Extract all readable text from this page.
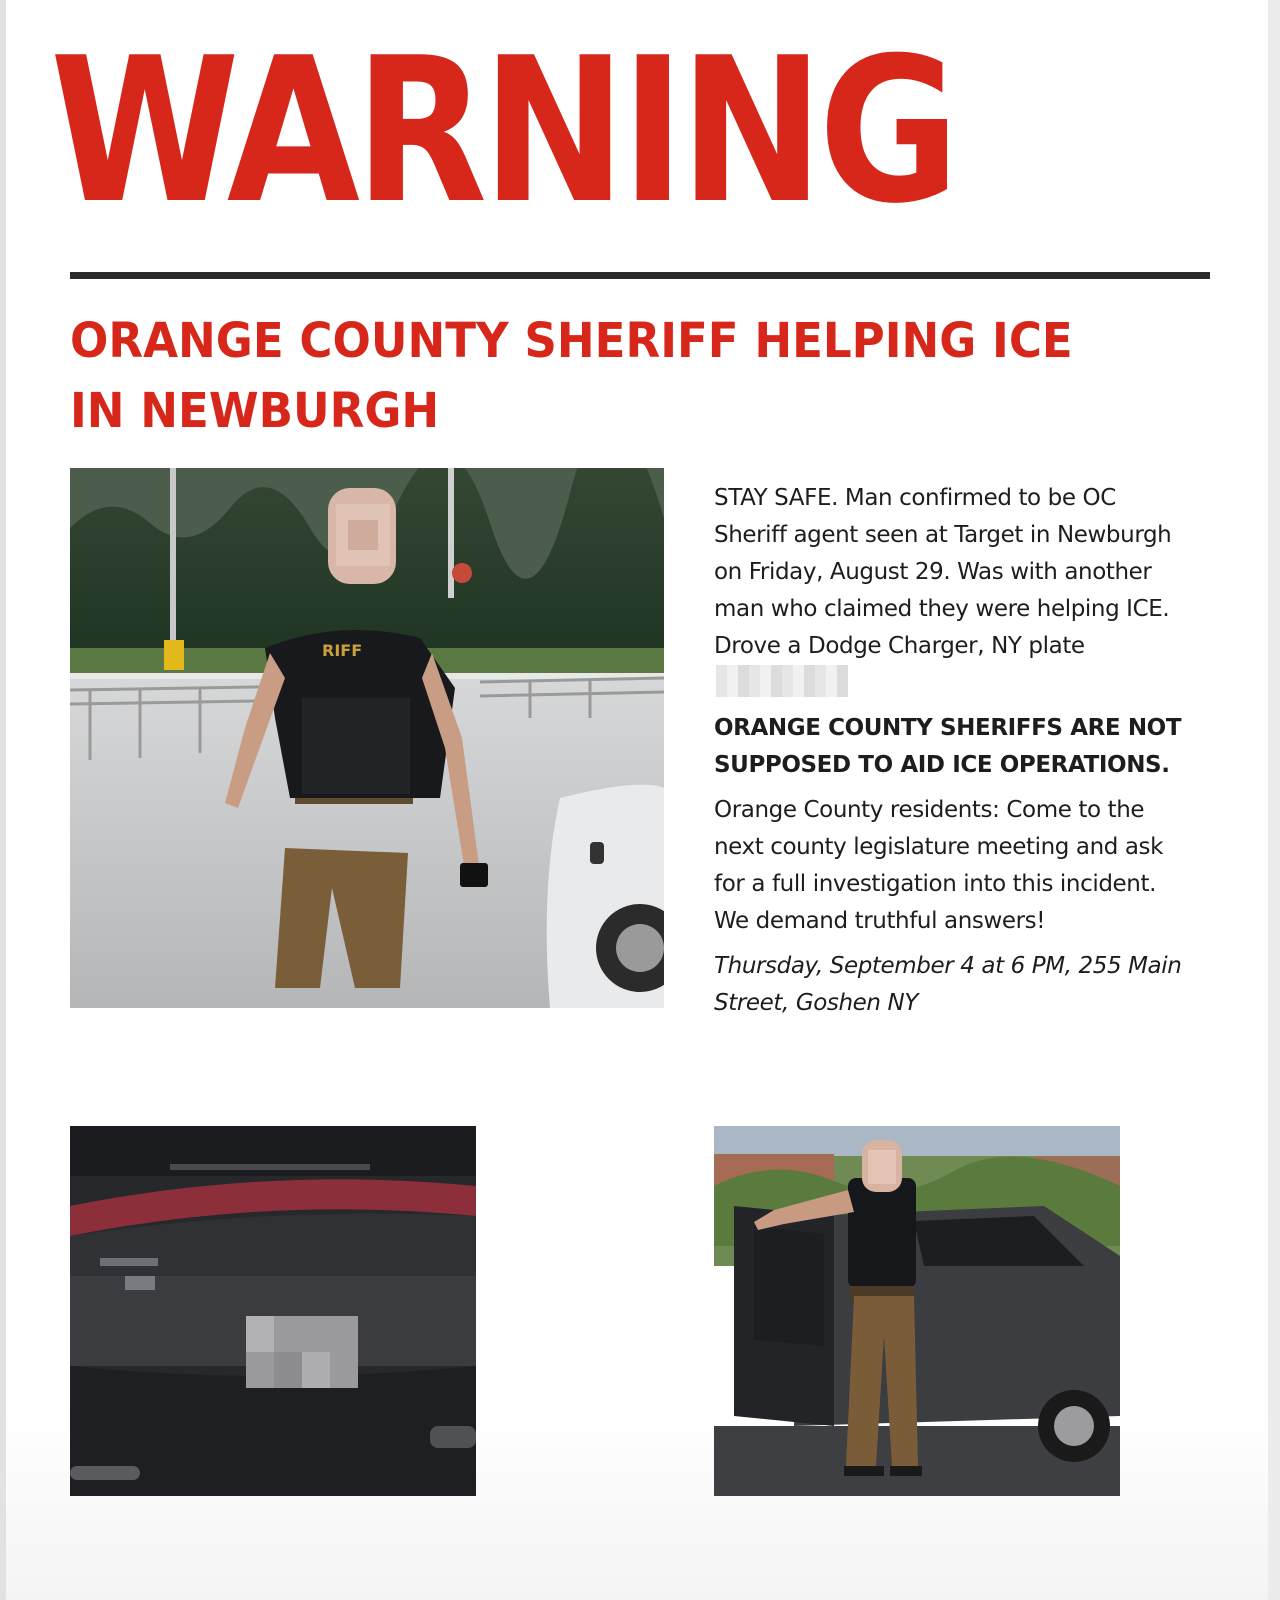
WARNING
ORANGE COUNTY SHERIFF HELPING ICE
IN NEWBURGH
RIFF
STAY SAFE. Man confirmed to be OC Sheriff agent seen at Target in Newburgh on Friday, August 29. Was with another man who claimed they were helping ICE. Drove a Dodge Charger, NY plate
ORANGE COUNTY SHERIFFS ARE NOT SUPPOSED TO AID ICE OPERATIONS.
Orange County residents: Come to the next county legislature meeting and ask for a full investigation into this incident. We demand truthful answers!
Thursday, September 4 at 6 PM, 255 Main Street, Goshen NY
